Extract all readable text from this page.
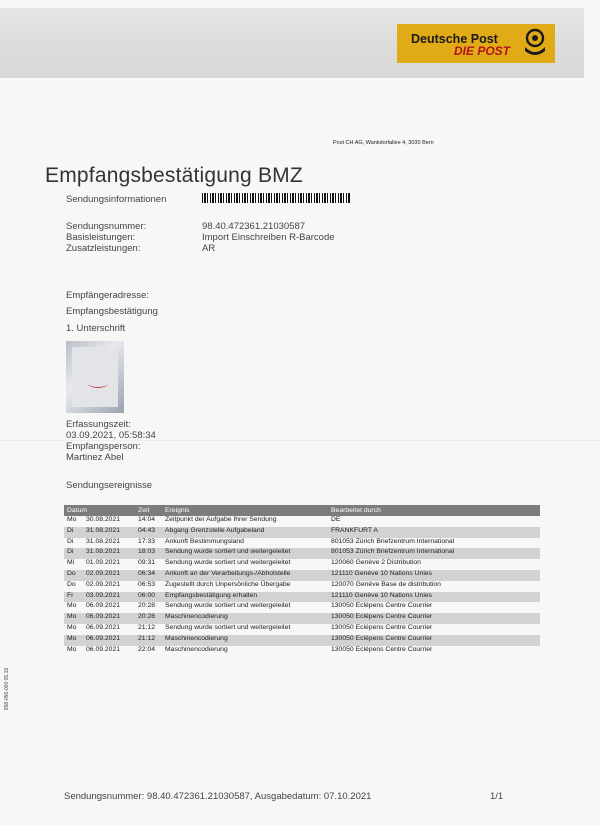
Deutsche Post
DIE POST
Post CH AG, Wankdorfallee 4, 3030 Bern
Empfangsbestätigung BMZ
Sendungsinformationen
Sendungsnummer:	98.40.472361.21030587
Basisleistungen:	Import Einschreiben R-Barcode
Zusatzleistungen:	AR
Empfängeradresse:
Empfangsbestätigung
1. Unterschrift
Erfassungszeit:
03.09.2021, 05:58:34
Empfangsperson:
Martinez Abel
Sendungsereignisse
Datum		Zeit	Ereignis	Bearbeitet durch
Mo	30.08.2021	14:04	Zeitpunkt der Aufgabe Ihrer Sendung	DE
Di	31.08.2021	04:43	Abgang Grenzstelle Aufgabeland	FRANKFURT A
Di	31.08.2021	17:33	Ankunft Bestimmungsland	801053 Zürich Briefzentrum International
Di	31.08.2021	18:03	Sendung wurde sortiert und weitergeleitet	801053 Zürich Briefzentrum International
Mi	01.09.2021	09:31	Sendung wurde sortiert und weitergeleitet	120060 Genève 2 Distribution
Do	02.09.2021	06:34	Ankunft an der Verarbeitungs-/Abholstelle	121110 Genève 10 Nations Unies
Do	02.09.2021	06:53	Zugestellt durch Unpersönliche Übergabe	120070 Genève Base de distribution
Fr	03.09.2021	06:00	Empfangsbestätigung erhalten	121110 Genève 10 Nations Unies
Mo	06.09.2021	20:28	Sendung wurde sortiert und weitergeleitet	130050 Eclépens Centre Courrier
Mo	06.09.2021	20:28	Maschinencodierung	130050 Eclépens Centre Courrier
Mo	06.09.2021	21:12	Sendung wurde sortiert und weitergeleitet	130050 Eclépens Centre Courrier
Mo	06.09.2021	21:12	Maschinencodierung	130050 Eclépens Centre Courrier
Mo	06.09.2021	22:04	Maschinencodierung	130050 Eclépens Centre Courrier
Sendungsnummer: 98.40.472361.21030587, Ausgabedatum: 07.10.2021	1/1
958-056-000 05.19
